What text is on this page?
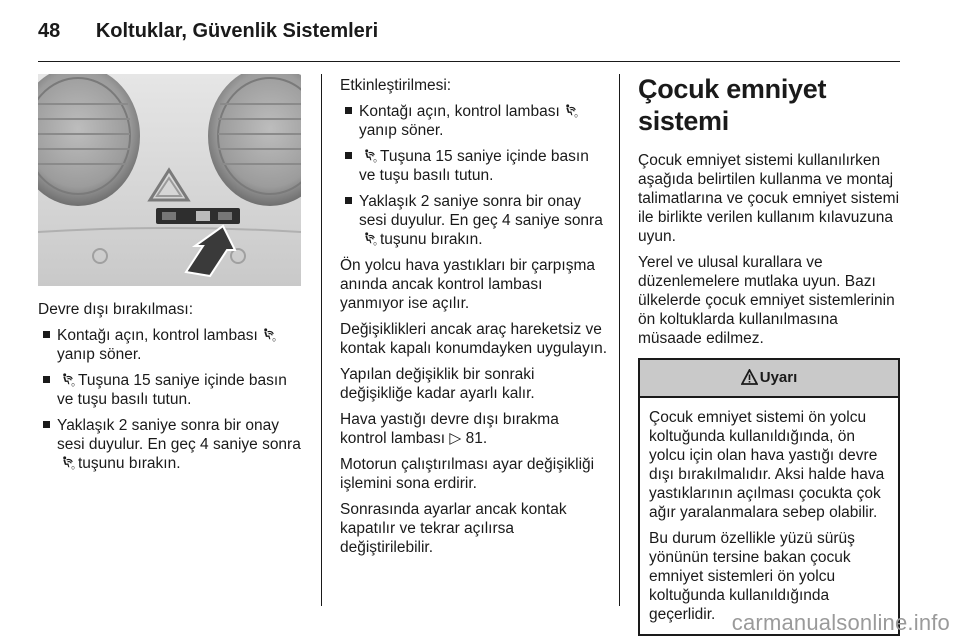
48 Koltuklar, Güvenlik Sistemleri

Devre dışı bırakılması:

Kontağı açın, kontrol lambasıyanıp söner.
Tuşuna 15 saniye içinde basın ve tuşu basılı tutun.
Yaklaşık 2 saniye sonra bir onay sesi duyulur. En geç 4 saniye sonratuşunu bırakın.

Etkinleştirilmesi:

Kontağı açın, kontrol lambasıyanıp söner.
Tuşuna 15 saniye içinde basın ve tuşu basılı tutun.
Yaklaşık 2 saniye sonra bir onay sesi duyulur. En geç 4 saniye sonratuşunu bırakın.

Ön yolcu hava yastıkları bir çarpışma anında ancak kontrol lambası yanmıyor ise açılır.

Değişiklikleri ancak araç hareketsiz ve kontak kapalı konumdayken uygulayın.

Yapılan değişiklik bir sonraki değişikliğe kadar ayarlı kalır.

Hava yastığı devre dışı bırakma kontrol lambası ▷ 81.

Motorun çalıştırılması ayar değişikliği işlemini sona erdirir.

Sonrasında ayarlar ancak kontak kapatılır ve tekrar açılırsa değiştirilebilir.

Çocuk emniyet sistemi

Çocuk emniyet sistemi kullanılırken aşağıda belirtilen kullanma ve montaj talimatlarına ve çocuk emniyet sistemi ile birlikte verilen kullanım kılavuzuna uyun.

Yerel ve ulusal kurallara ve düzenlemelere mutlaka uyun. Bazı ülkelerde çocuk emniyet sistemlerinin ön koltuklarda kullanılmasına müsaade edilmez.

Uyarı

Çocuk emniyet sistemi ön yolcu koltuğunda kullanıldığında, ön yolcu için olan hava yastığı devre dışı bırakılmalıdır. Aksi halde hava yastıklarının açılması çocukta çok ağır yaralanmalara sebep olabilir.

Bu durum özellikle yüzü sürüş yönünün tersine bakan çocuk emniyet sistemleri ön yolcu koltuğunda kullanıldığında geçerlidir. carmanualsonline.info
